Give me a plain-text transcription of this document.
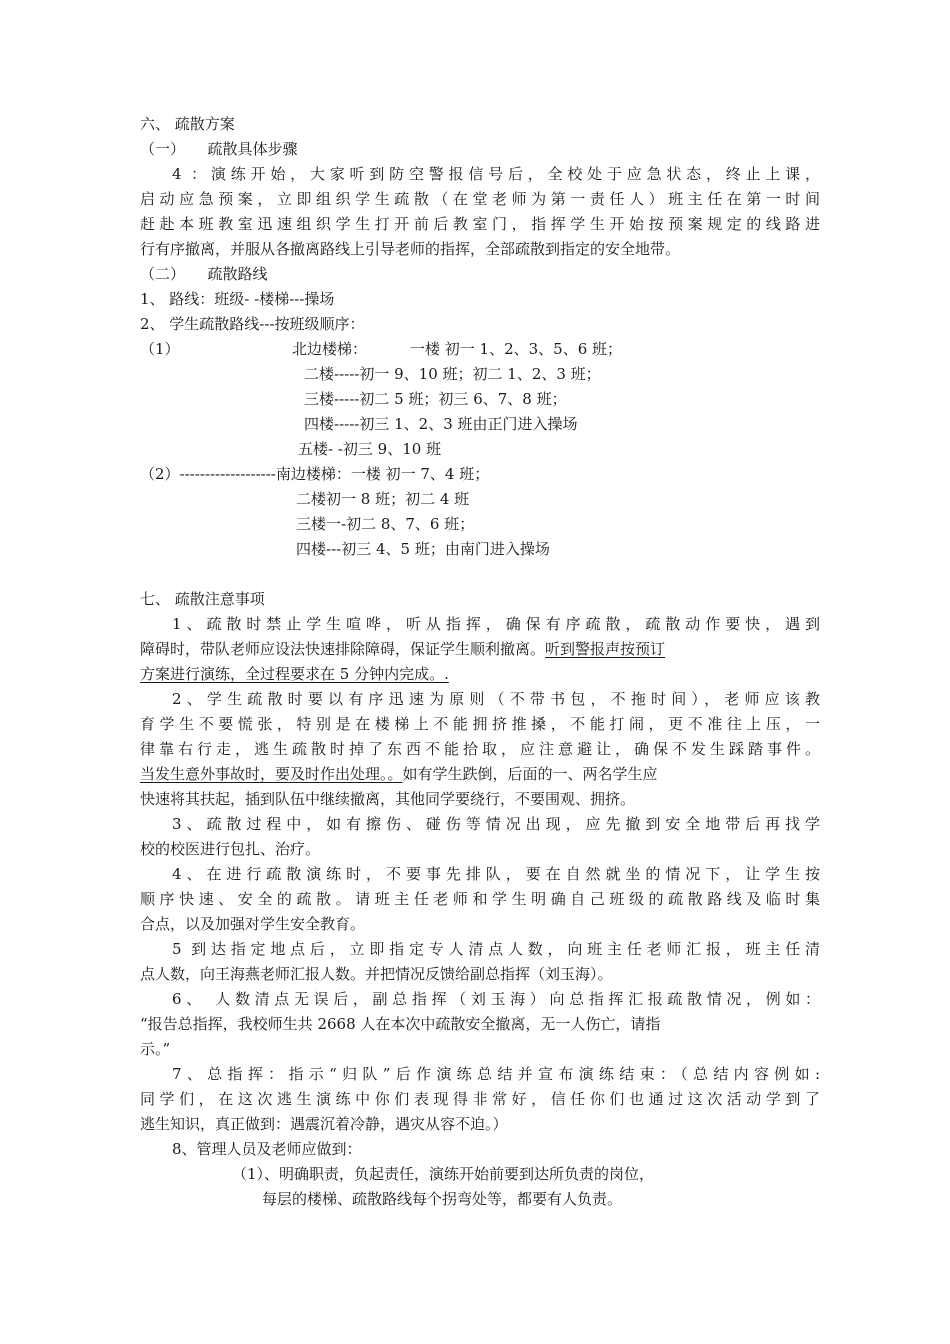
六、 疏散方案
（一）　　疏散具体步骤
4 ：演练开始，大家听到防空警报信号后，全校处于应急状态，终止上课，
启动应急预案，立即组织学生疏散（在堂老师为第一责任人）班主任在第一时间
赶赴本班教室迅速组织学生打开前后教室门，指挥学生开始按预案规定的线路进
行有序撤离，并服从各撤离路线上引导老师的指挥，全部疏散到指定的安全地带。
（二）　　疏散路线
1、 路线：班级- -楼梯---操场
2、 学生疏散路线---按班级顺序：
（1）	北边楼梯：	一楼 初一 1、2、3、5、6 班；
二楼-----初一 9、10 班；初二 1、2、3 班；
三楼-----初二 5 班；初三 6、7、8 班；
四楼-----初三 1、2、3 班由正门进入操场
五楼- -初三 9、10 班
（2）-------------------南边楼梯：一楼 初一 7、4 班；
二楼初一 8 班；初二 4 班
三楼一-初二 8、7、6 班；
四楼---初三 4、5 班；由南门进入操场
七、 疏散注意事项
1、疏散时禁止学生喧哗，听从指挥，确保有序疏散，疏散动作要快，遇到
障碍时，带队老师应设法快速排除障碍，保证学生顺利撤离。听到警报声按预订
方案进行演练，全过程要求在 5 分钟内完成。.
2、学生疏散时要以有序迅速为原则（不带书包，不拖时间），老师应该教
育学生不要慌张，特别是在楼梯上不能拥挤推搡，不能打闹，更不准往上压，一
律靠右行走，逃生疏散时掉了东西不能拾取，应注意避让，确保不发生踩踏事件。
当发生意外事故时，要及时作出处理。。如有学生跌倒，后面的一、两名学生应
快速将其扶起，插到队伍中继续撤离，其他同学要绕行，不要围观、拥挤。
3、疏散过程中，如有擦伤、碰伤等情况出现，应先撤到安全地带后再找学
校的校医进行包扎、治疗。
4、在进行疏散演练时，不要事先排队，要在自然就坐的情况下，让学生按
顺序快速、安全的疏散。请班主任老师和学生明确自己班级的疏散路线及临时集
合点，以及加强对学生安全教育。
5 到达指定地点后，立即指定专人清点人数，向班主任老师汇报，班主任清
点人数，向王海燕老师汇报人数。并把情况反馈给副总指挥（刘玉海）。
6、 人数清点无误后，副总指挥（刘玉海）向总指挥汇报疏散情况，例如：
“报告总指挥，我校师生共 2668 人在本次中疏散安全撤离，无一人伤亡，请指
示。”
7、总指挥：指示“归队”后作演练总结并宣布演练结束：（总结内容例如:
同学们，在这次逃生演练中你们表现得非常好，信任你们也通过这次活动学到了
逃生知识，真正做到：遇震沉着冷静，遇灾从容不迫。）
8、管理人员及老师应做到：
（1）、明确职责，负起责任，演练开始前要到达所负责的岗位，
每层的楼梯、疏散路线每个拐弯处等，都要有人负责。
